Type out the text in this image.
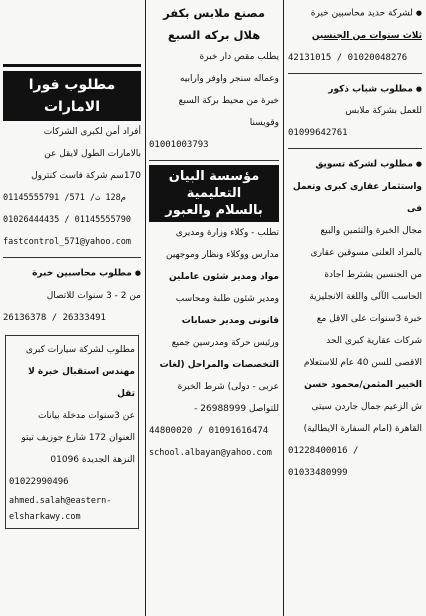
● لشركة حديد محاسبين خبرة

ثلاث سنوات من الجنسين

42131015 / 01020048276

● مطلوب شباب ذكور

للعمل بشركة ملابس

01099642761

● مطلوب لشركة تسويق

واستثمار عقارى كبرى وتعمل فى

مجال الخبرة والتثمين والبيع

بالمزاد العلنى مسوقين عقارى

من الجنسين يشترط اجادة

الحاسب الآلى واللغة الانجليزية

خبرة 3سنوات على الاقل مع

شركات عقارية كبرى الحد

الاقصى للسن 40 عام للاستعلام

الخبير المثمن/محمود حسن

ش الزعيم جمال جاردن سيتى

القاهرة (امام السفارة الايطالية)

01228400016 / 01033480999

مصنع ملابس بكفر

هلال بركه السبع

يطلب مقص دار خبرة

وعماله سنجر واوفر وارابيه

خبرة من محيط بركة السبع

وقويسنا

01001003793

مؤسسة البيان التعليمية
بالسلام والعبور

تطلب - وكلاء وزارة ومديرى

مدارس ووكلاء ونظار وموجهين

مواد ومدير شئون عاملين

ومدير شئون طلبة ومحاسب

قانونى ومدير حسابات

ورئيس حركة ومدرسين جميع

التخصصات والمراحل (لغات

عربى - دولى) شرط الخبرة

للتواصل 26988999 -

44800020 / 01091616474

school.albayan@yahoo.com

مطلوب فورا الامارات

أفراد أمن لكبرى الشركات

بالامارات الطول لايقل عن

170سم شركة فاست كنترول

م128 ت/ 571/ 01145555791

01026444435 / 01145555790

fastcontrol_571@yahoo.com

● مطلوب محاسبين خبرة

من 2 - 3 سنوات للاتصال

26136378 / 26333491

مطلوب لشركة سيارات كبرى

مهندس استقبال خبرة لا تقل

عن 3سنوات مدخلة بيانات

العنوان 172 شارع جوزيف تيتو

النزهة الجديدة 01096

01022990496

ahmed.salah@eastern-

elsharkawy.com
